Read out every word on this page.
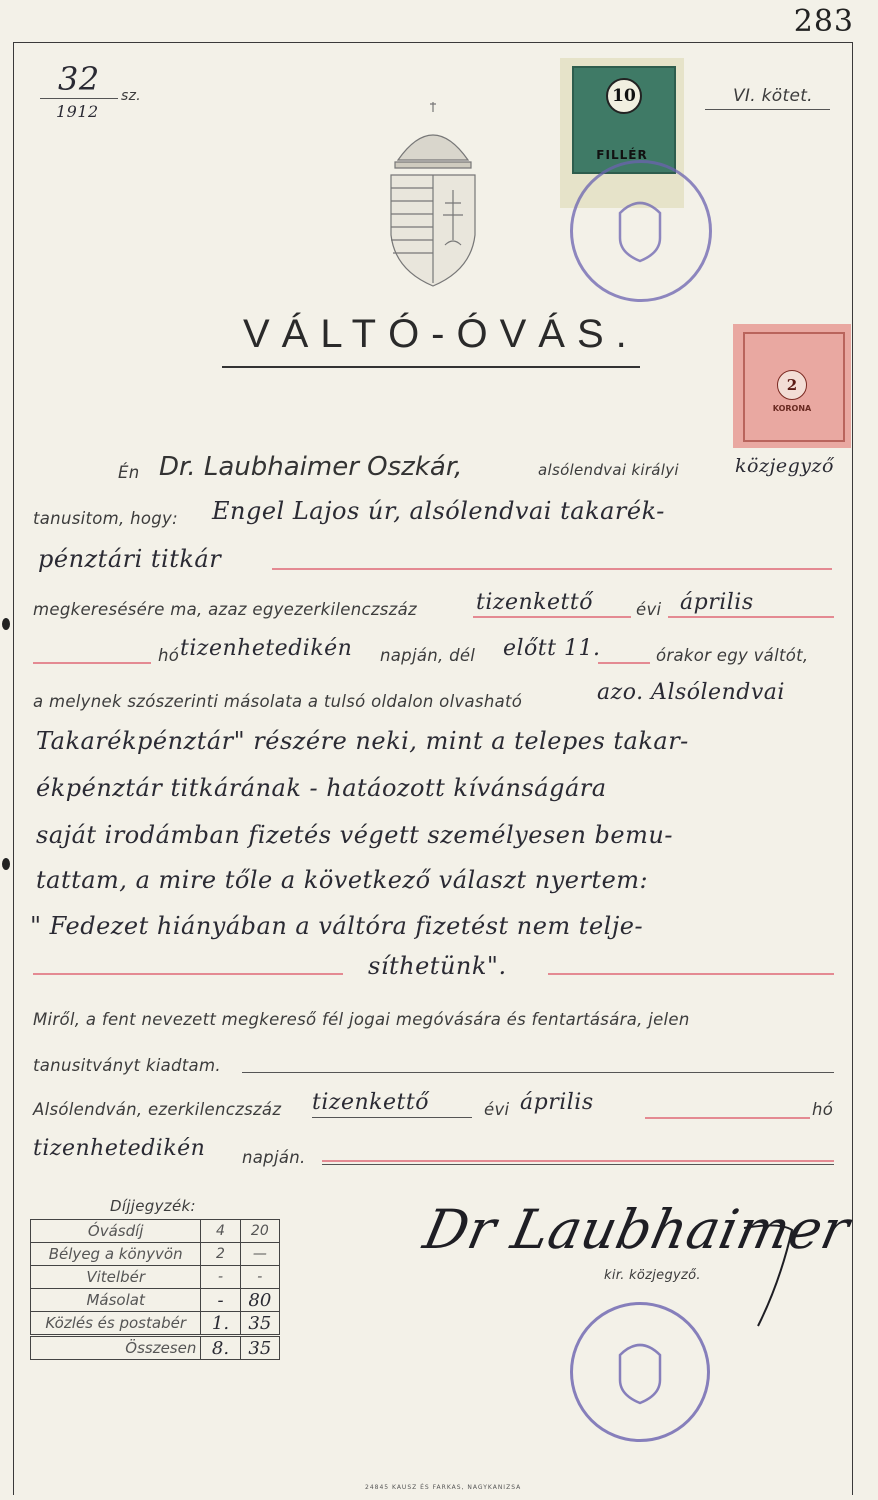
283
32 sz.
1912
VI. kötet.
10
FILLÉR
2
KORONA
VÁLTÓ-ÓVÁS.
Én Dr. Laubhaimer Oszkár,	alsólendvai királyi	közjegyző
tanusitom, hogy: Engel Lajos úr, alsólendvai takarék-
pénztári titkár
megkeresésére ma, azaz egyezerkilenczszáz	tizenkettő	évi április
hó tizenhetedikén napján, dél előtt 11.	órakor egy váltót,
a melynek szószerinti másolata a tulsó oldalon olvasható	azo. Alsólendvai
Takarékpénztár" részére neki, mint a telepes takar-
ékpénztár titkárának - hatáozott kívánságára
saját irodámban fizetés végett személyesen bemu-
tattam, a mire tőle a következő választ nyertem:
" Fedezet hiányában a váltóra fizetést nem telje-
síthetünk".
Miről, a fent nevezett megkereső fél jogai megóvására és fentartására, jelen
tanusitványt kiadtam.
Alsólendván, ezerkilenczszáz tizenkettő	évi április	hó
tizenhetedikén napján.
Díjjegyzék:
Óvásdíj	4	20
Bélyeg a könyvön	2	—
Vitelbér	-	-
Másolat	-	80
Közlés és postabér	1.	35
Összesen	8.	35
Dr Laubhaimer
kir. közjegyző.
24845 KAUSZ ÉS FARKAS, NAGYKANIZSA
